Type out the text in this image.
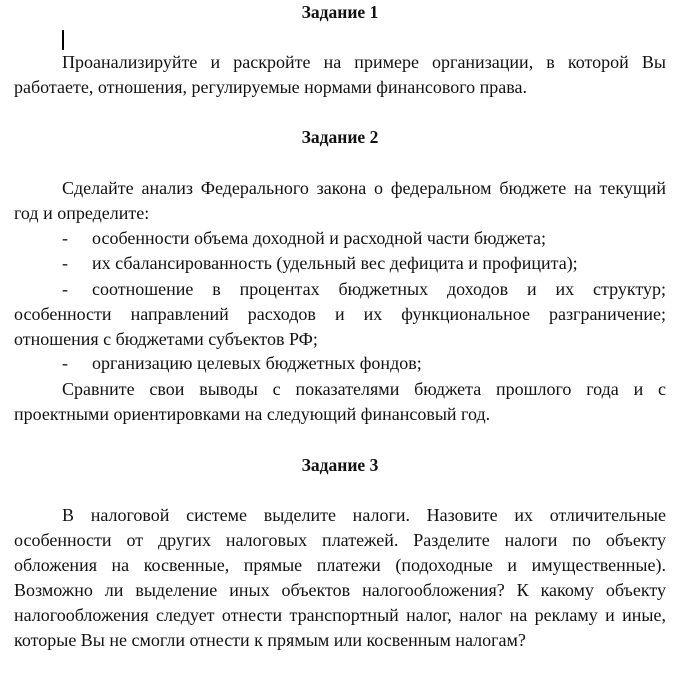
Задание 1

Проанализируйте и раскройте на примере организации, в которой Вы работаете, отношения, регулируемые нормами финансового права.

Задание 2

Сделайте анализ Федерального закона о федеральном бюджете на текущий год и определите:

- особенности объема доходной и расходной части бюджета;

- их сбалансированность (удельный вес дефицита и профицита);

- соотношение в процентах бюджетных доходов и их структур; особенности направлений расходов и их функциональное разграничение; отношения с бюджетами субъектов РФ;

- организацию целевых бюджетных фондов;

Сравните свои выводы с показателями бюджета прошлого года и с проектными ориентировками на следующий финансовый год.

Задание 3

В налоговой системе выделите налоги. Назовите их отличительные особенности от других налоговых платежей. Разделите налоги по объекту обложения на косвенные, прямые платежи (подоходные и имущественные). Возможно ли выделение иных объектов налогообложения? К какому объекту налогообложения следует отнести транспортный налог, налог на рекламу и иные, которые Вы не смогли отнести к прямым или косвенным налогам?
